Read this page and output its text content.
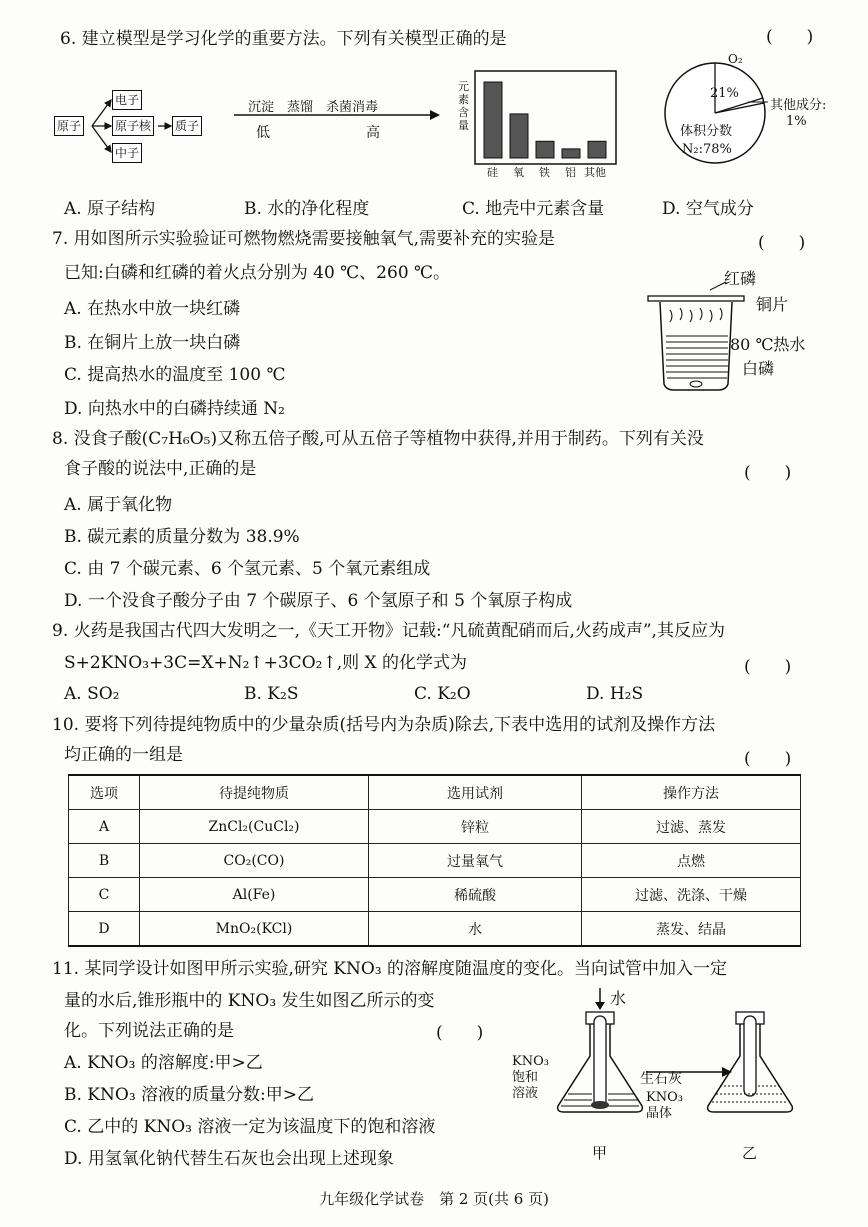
6. 建立模型是学习化学的重要方法。下列有关模型正确的是	(　　)
原子
电子
原子核 质子
中子
沉淀　蒸馏　杀菌消毒
低	高
元素含量
硅 氧 铁 铝 其他
O₂
21%
其他成分:
1%
体积分数
N₂:78%
A. 原子结构	B. 水的净化程度	C. 地壳中元素含量	D. 空气成分
7. 用如图所示实验验证可燃物燃烧需要接触氧气,需要补充的实验是	(　　)
已知:白磷和红磷的着火点分别为 40 ℃、260 ℃。
A. 在热水中放一块红磷
B. 在铜片上放一块白磷
C. 提高热水的温度至 100 ℃
D. 向热水中的白磷持续通 N₂
红磷
铜片
80 ℃热水
白磷
8. 没食子酸(C₇H₆O₅)又称五倍子酸,可从五倍子等植物中获得,并用于制药。下列有关没
食子酸的说法中,正确的是	(　　)
A. 属于氧化物
B. 碳元素的质量分数为 38.9%
C. 由 7 个碳元素、6 个氢元素、5 个氧元素组成
D. 一个没食子酸分子由 7 个碳原子、6 个氢原子和 5 个氧原子构成
9. 火药是我国古代四大发明之一,《天工开物》记载:“凡硫黄配硝而后,火药成声”,其反应为
S+2KNO₃+3C=X+N₂↑+3CO₂↑,则 X 的化学式为	(　　)
A. SO₂	B. K₂S	C. K₂O	D. H₂S
10. 要将下列待提纯物质中的少量杂质(括号内为杂质)除去,下表中选用的试剂及操作方法
均正确的一组是	(　　)
选项	待提纯物质	选用试剂	操作方法
A	ZnCl₂(CuCl₂)	锌粒	过滤、蒸发
B	CO₂(CO)	过量氧气	点燃
C	Al(Fe)	稀硫酸	过滤、洗涤、干燥
D	MnO₂(KCl)	水	蒸发、结晶
11. 某同学设计如图甲所示实验,研究 KNO₃ 的溶解度随温度的变化。当向试管中加入一定
量的水后,锥形瓶中的 KNO₃ 发生如图乙所示的变
化。下列说法正确的是	(　　)
A. KNO₃ 的溶解度:甲>乙
B. KNO₃ 溶液的质量分数:甲>乙
C. 乙中的 KNO₃ 溶液一定为该温度下的饱和溶液
D. 用氢氧化钠代替生石灰也会出现上述现象
水
KNO₃
饱和
溶液
生石灰
KNO₃
晶体
甲	乙
九年级化学试卷　第 2 页(共 6 页)
